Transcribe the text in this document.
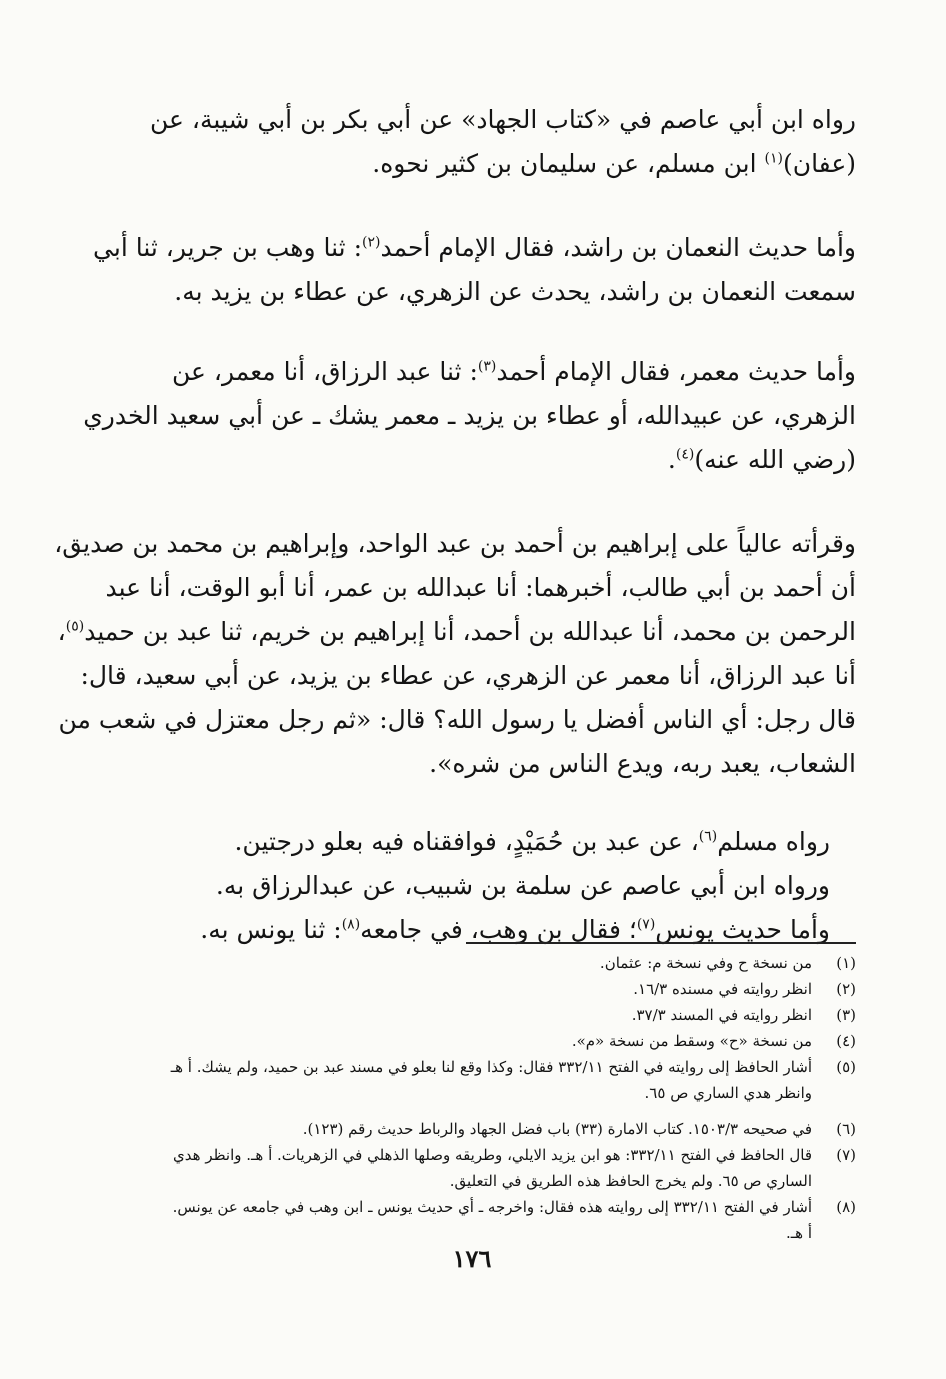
رواه ابن أبي عاصم في «كتاب الجهاد» عن أبي بكر بن أبي شيبة، عن
(عفان)$^{(١)}$ ابن مسلم، عن سليمان بن كثير نحوه.

وأما حديث النعمان بن راشد، فقال الإمام أحمد$^{(٢)}$: ثنا وهب بن جرير، ثنا أبي
سمعت النعمان بن راشد، يحدث عن الزهري، عن عطاء بن يزيد به.

وأما حديث معمر، فقال الإمام أحمد$^{(٣)}$: ثنا عبد الرزاق، أنا معمر، عن
الزهري، عن عبيدالله، أو عطاء بن يزيد ـ معمر يشك ـ عن أبي سعيد الخدري
(رضي الله عنه)$^{(٤)}$.

وقرأته عالياً على إبراهيم بن أحمد بن عبد الواحد، وإبراهيم بن محمد بن صديق،
أن أحمد بن أبي طالب، أخبرهما: أنا عبدالله بن عمر، أنا أبو الوقت، أنا عبد
الرحمن بن محمد، أنا عبدالله بن أحمد، أنا إبراهيم بن خريم، ثنا عبد بن حميد$^{(٥)}$،
أنا عبد الرزاق، أنا معمر عن الزهري، عن عطاء بن يزيد، عن أبي سعيد، قال:
قال رجل: أي الناس أفضل يا رسول الله؟ قال: «ثم رجل معتزل في شعب من
الشعاب، يعبد ربه، ويدع الناس من شره».

رواه مسلم$^{(٦)}$، عن عبد بن حُمَيْدٍ، فوافقناه فيه بعلو درجتين.
ورواه ابن أبي عاصم عن سلمة بن شبيب، عن عبدالرزاق به.
وأما حديث يونس$^{(٧)}$؛ فقال بن وهب، في جامعه$^{(٨)}$: ثنا يونس به.

(١)
من نسخة ح وفي نسخة م: عثمان.
(٢)
انظر روايته في مسنده ١٦/٣.
(٣)
انظر روايته في المسند ٣٧/٣.
(٤)
من نسخة «ح» وسقط من نسخة «م».
(٥)
أشار الحافظ إلى روايته في الفتح ٣٣٢/١١ فقال: وكذا وقع لنا بعلو في مسند عبد بن حميد، ولم يشك. أ هـ
وانظر هدي الساري ص ٦٥.
(٦)
في صحيحه ١٥٠٣/٣. كتاب الامارة (٣٣) باب فضل الجهاد والرباط حديث رقم (١٢٣).
(٧)
قال الحافظ في الفتح ٣٣٢/١١: هو ابن يزيد الايلي، وطريقه وصلها الذهلي في الزهريات. أ هـ. وانظر هدي
الساري ص ٦٥. ولم يخرج الحافظ هذه الطريق في التعليق.
(٨)
أشار في الفتح ٣٣٢/١١ إلى روايته هذه فقال: واخرجه ـ أي حديث يونس ـ ابن وهب في جامعه عن يونس.
أ هـ.
١٧٦
